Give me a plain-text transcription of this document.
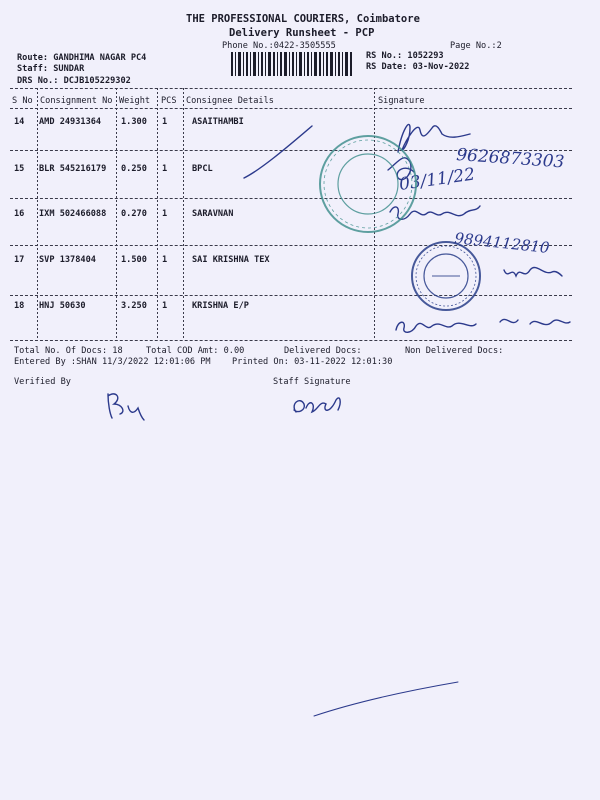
THE PROFESSIONAL COURIERS, Coimbatore
Delivery Runsheet - PCP
Phone No.:0422-3505555	Page No.:2
Route: GANDHIMA NAGAR PC4
Staff: SUNDAR
DRS No.: DCJB105229302
RS No.: 1052293
RS Date: 03-Nov-2022
S No Consignment No Weight PCS Consignee Details	Signature
14 AMD 24931364 1.300 1	ASAITHAMBI
15 BLR 545216179 0.250 1	BPCL
16 IXM 502466088 0.270 1	SARAVNAN
17 SVP 1378404	1.500 1	SAI KRISHNA TEX
18 HNJ 50630	3.250 1	KRISHNA E/P
9626873303
03/11/22
9894112810
Total No. Of Docs: 18	Total COD Amt: 0.00	Delivered Docs:	Non Delivered Docs:
Entered By :SHAN 11/3/2022 12:01:06 PM Printed On: 03-11-2022 12:01:30
Verified By	Staff Signature
